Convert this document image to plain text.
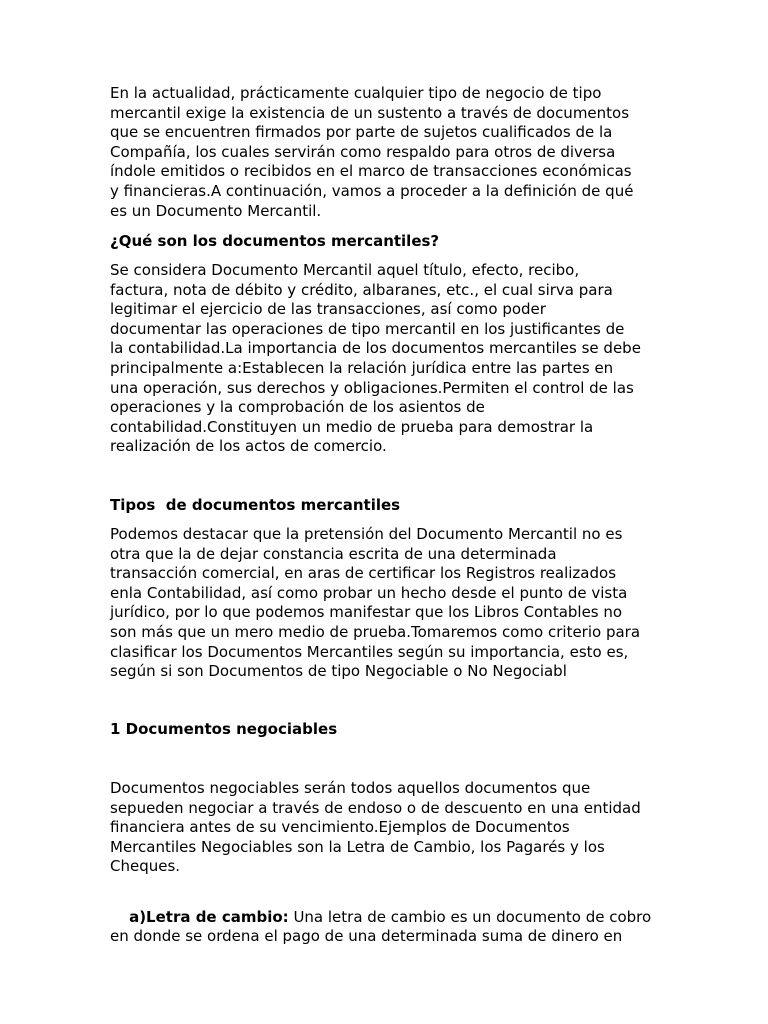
En la actualidad, prácticamente cualquier tipo de negocio de tipo
mercantil exige la existencia de un sustento a través de documentos
que se encuentren firmados por parte de sujetos cualificados de la
Compañía, los cuales servirán como respaldo para otros de diversa
índole emitidos o recibidos en el marco de transacciones económicas
y financieras.A continuación, vamos a proceder a la definición de qué
es un Documento Mercantil.

¿Qué son los documentos mercantiles?

Se considera Documento Mercantil aquel título, efecto, recibo,
factura, nota de débito y crédito, albaranes, etc., el cual sirva para
legitimar el ejercicio de las transacciones, así como poder
documentar las operaciones de tipo mercantil en los justificantes de
la contabilidad.La importancia de los documentos mercantiles se debe
principalmente a:Establecen la relación jurídica entre las partes en
una operación, sus derechos y obligaciones.Permiten el control de las
operaciones y la comprobación de los asientos de
contabilidad.Constituyen un medio de prueba para demostrar la
realización de los actos de comercio.

Tipos  de documentos mercantiles

Podemos destacar que la pretensión del Documento Mercantil no es
otra que la de dejar constancia escrita de una determinada
transacción comercial, en aras de certificar los Registros realizados
enla Contabilidad, así como probar un hecho desde el punto de vista
jurídico, por lo que podemos manifestar que los Libros Contables no
son más que un mero medio de prueba.Tomaremos como criterio para
clasificar los Documentos Mercantiles según su importancia, esto es,
según si son Documentos de tipo Negociable o No Negociabl

1 Documentos negociables

Documentos negociables serán todos aquellos documentos que
sepueden negociar a través de endoso o de descuento en una entidad
financiera antes de su vencimiento.Ejemplos de Documentos
Mercantiles Negociables son la Letra de Cambio, los Pagarés y los
Cheques.

a)Letra de cambio: Una letra de cambio es un documento de cobro
en donde se ordena el pago de una determinada suma de dinero en
